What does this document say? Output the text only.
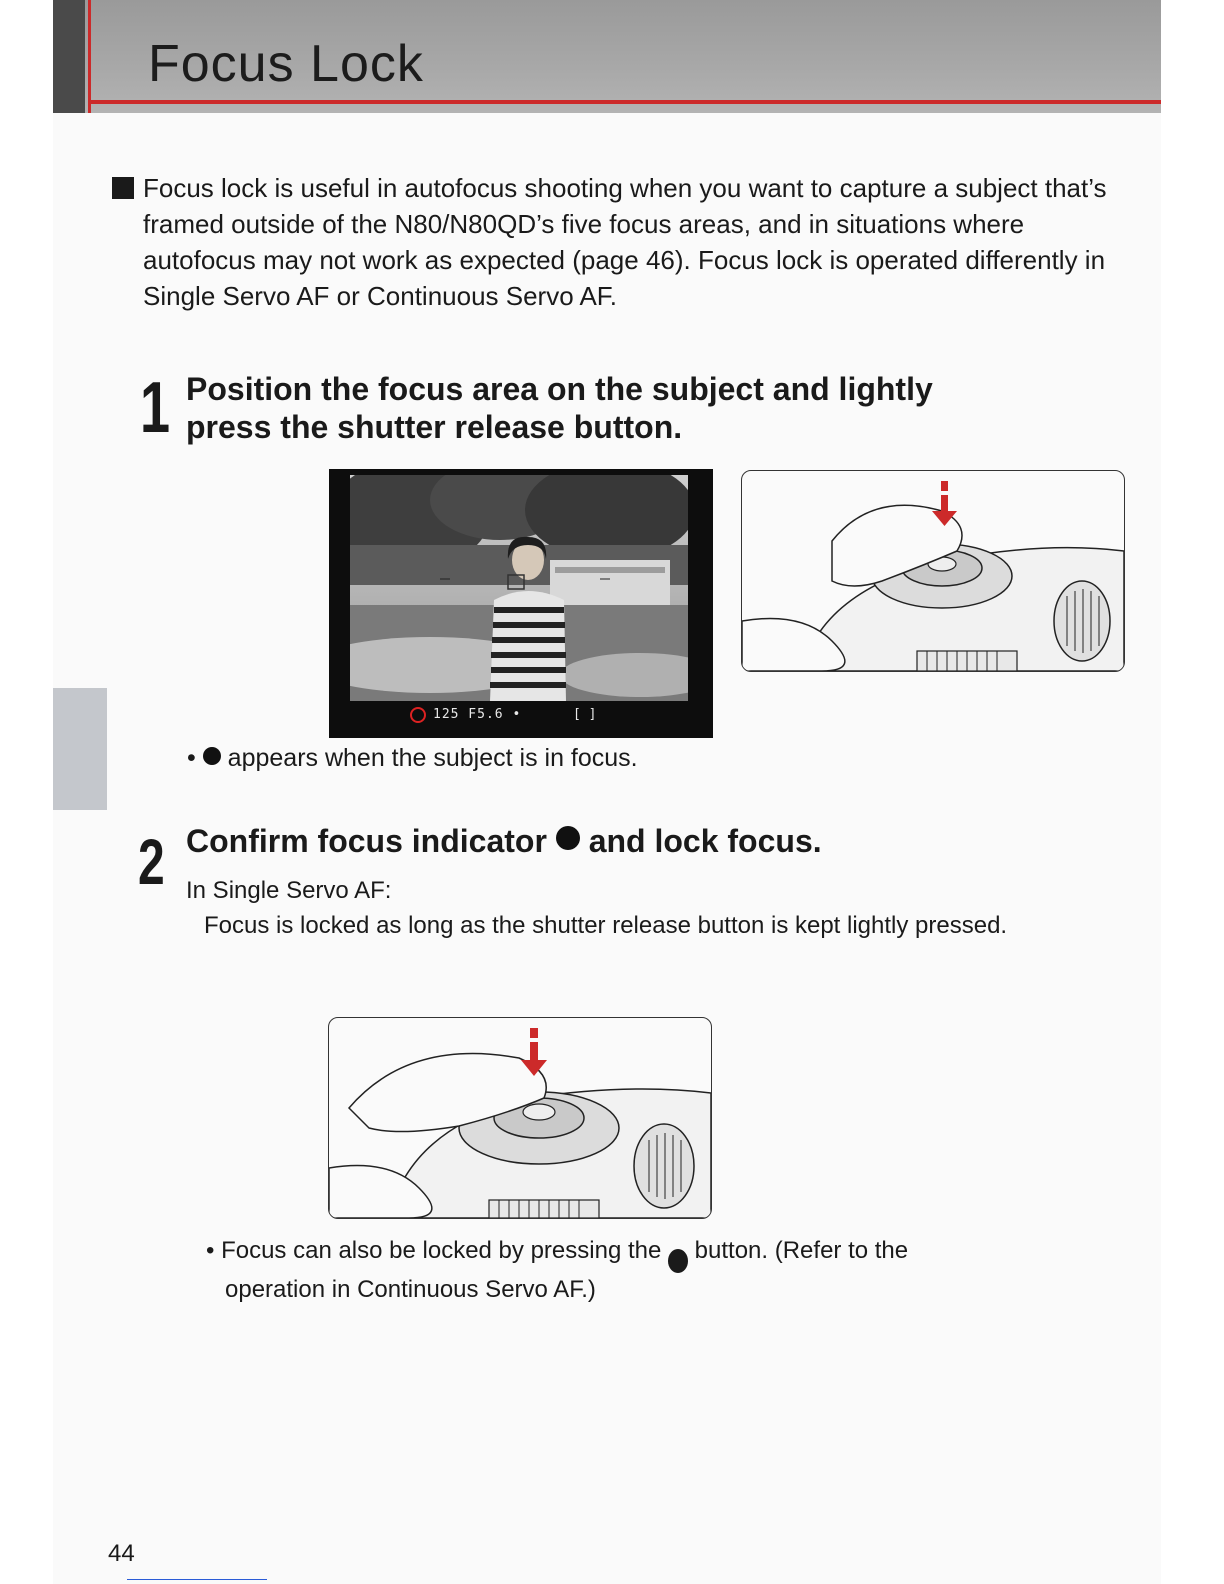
Focus Lock
Focus lock is useful in autofocus shooting when you want to capture a subject that’s framed outside of the N80/N80QD’s five focus areas, and in situations where autofocus may not work as expected (page 46). Focus lock is operated differently in Single Servo AF or Continuous Servo AF.
1 Position the focus area on the subject and lightly
press the shutter release button.
125 F5.6 •	[ ]
• appears when the subject is in focus.
2 Confirm focus indicator and lock focus.
In Single Servo AF:
Focus is locked as long as the shutter release button is kept lightly pressed.
• Focus can also be locked by pressing the button. (Refer to the
operation in Continuous Servo AF.)
44
